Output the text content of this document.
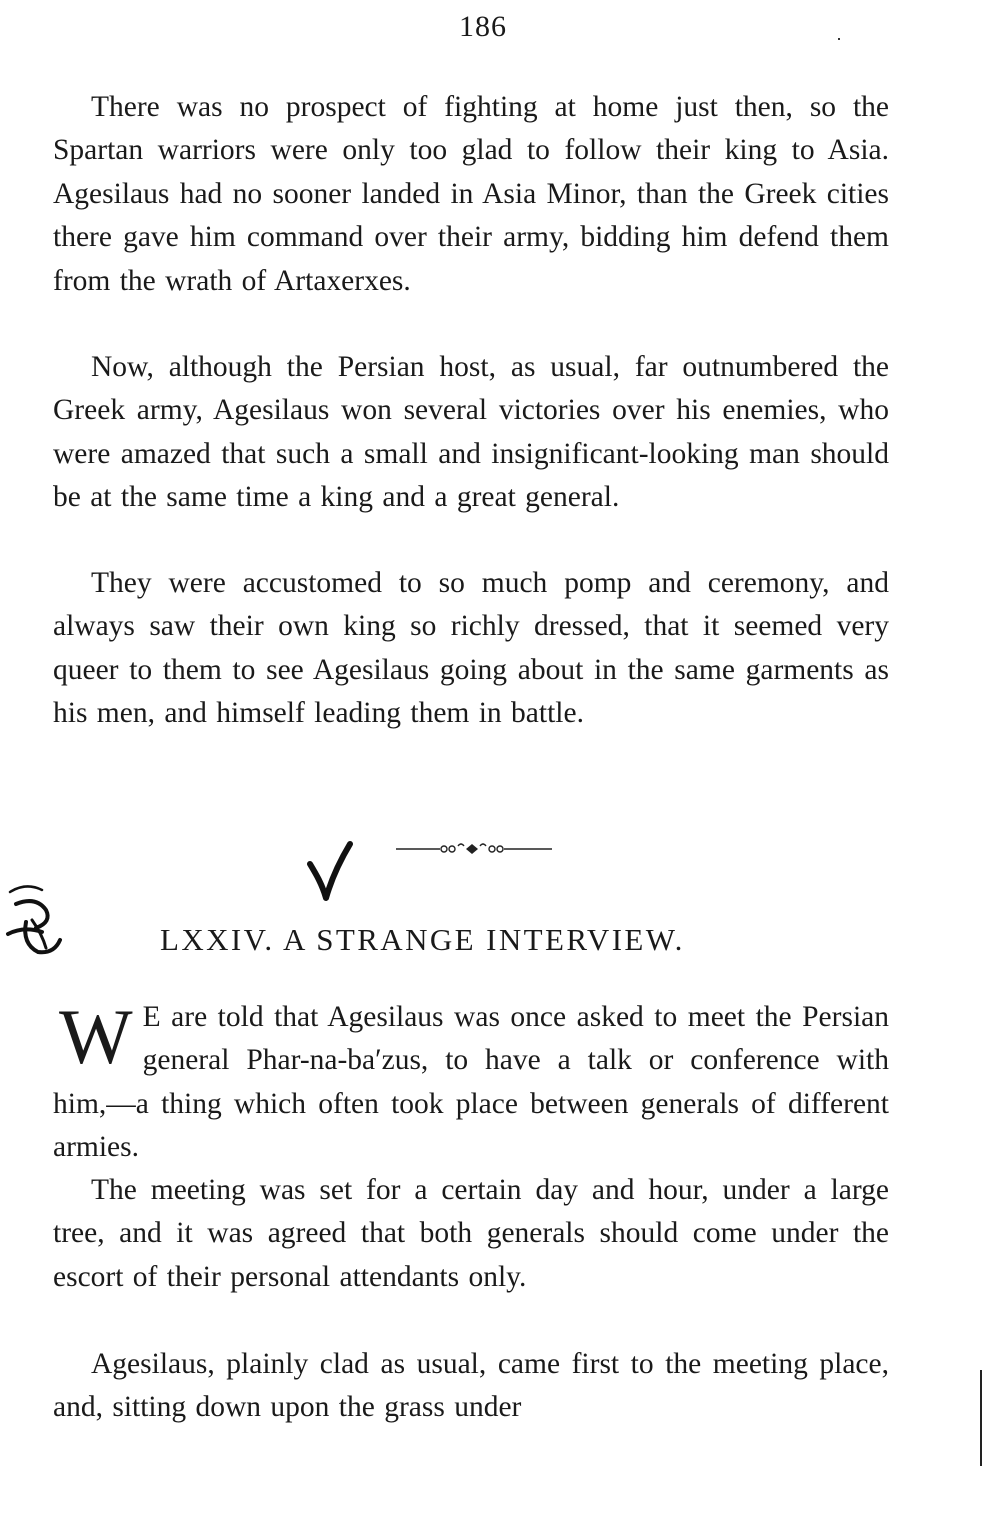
186

There was no prospect of fighting at home just then, so the Spartan warriors were only too glad to follow their king to Asia. Agesilaus had no sooner landed in Asia Minor, than the Greek cities there gave him command over their army, bidding him defend them from the wrath of Artaxerxes.

Now, although the Persian host, as usual, far outnumbered the Greek army, Agesilaus won several victories over his enemies, who were amazed that such a small and insignificant-looking man should be at the same time a king and a great general.

They were accustomed to so much pomp and ceremony, and always saw their own king so richly dressed, that it seemed very queer to them to see Agesilaus going about in the same garments as his men, and himself leading them in battle.

LXXIV. A STRANGE INTERVIEW.

W E are told that Agesilaus was once asked to meet the Persian general Phar-na-ba′zus, to have a talk or conference with him,—a thing which often took place between generals of different armies.

The meeting was set for a certain day and hour, under a large tree, and it was agreed that both generals should come under the escort of their personal attendants only.

Agesilaus, plainly clad as usual, came first to the meeting place, and, sitting down upon the grass under
